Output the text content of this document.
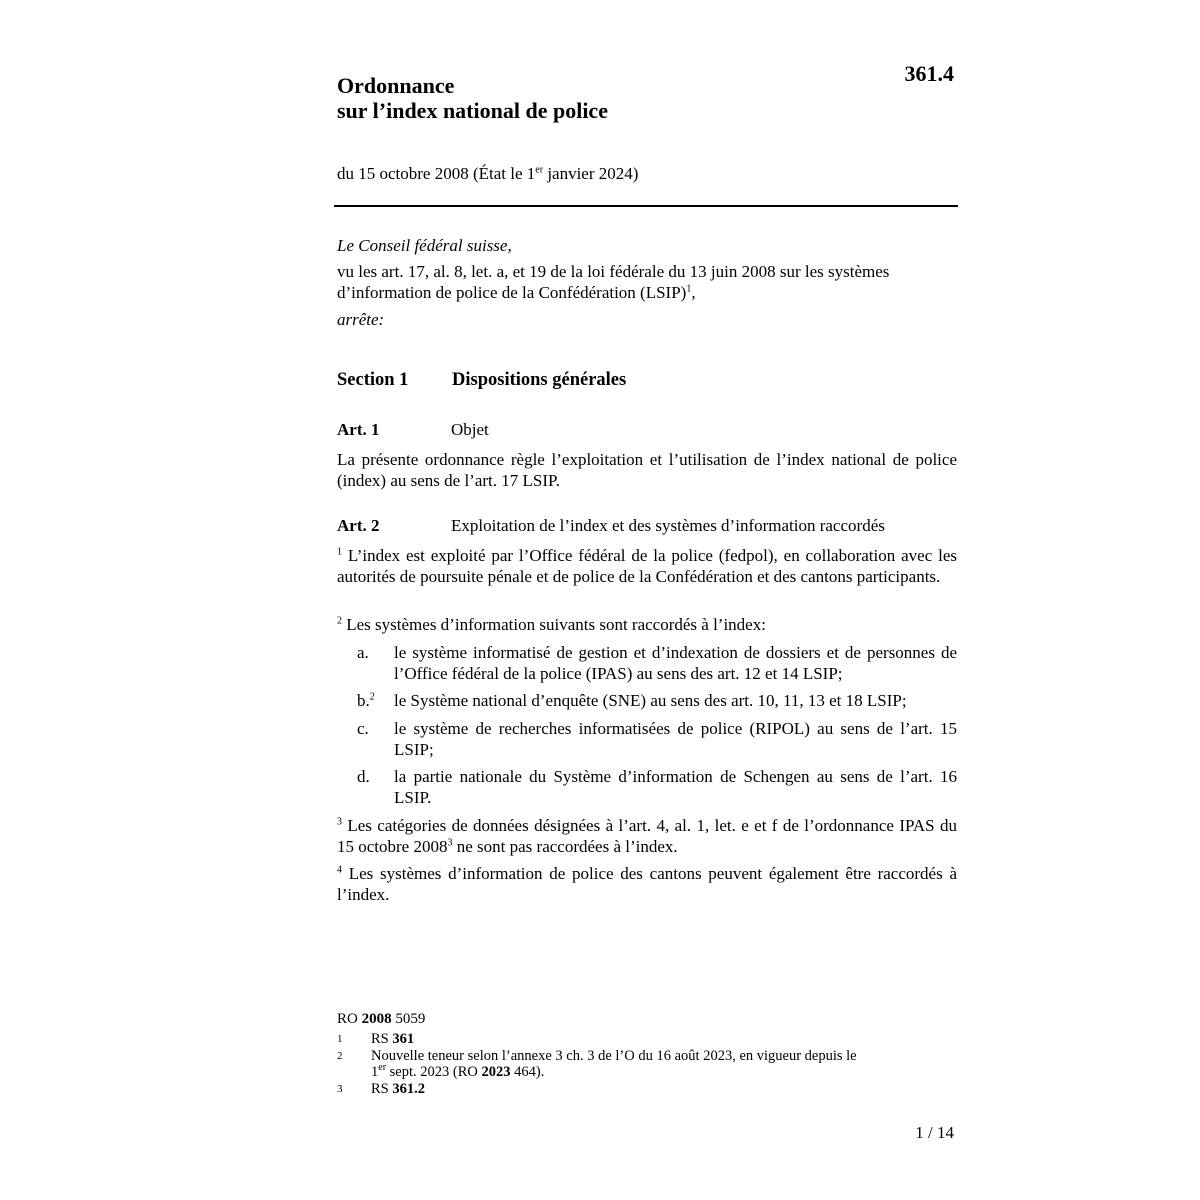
Ordonnance
sur l’index national de police
361.4
du 15 octobre 2008 (État le 1er janvier 2024)
Le Conseil fédéral suisse,
vu les art. 17, al. 8, let. a, et 19 de la loi fédérale du 13 juin 2008 sur les systèmes
d’information de police de la Confédération (LSIP)$^1$,
arrête:
Section 1 Dispositions générales
Art. 1	Objet
La présente ordonnance règle l’exploitation et l’utilisation de l’index national de police (index) au sens de l’art. 17 LSIP.
Art. 2	Exploitation de l’index et des systèmes d’information raccordés
$^1$ L’index est exploité par l’Office fédéral de la police (fedpol), en collaboration avec les autorités de poursuite pénale et de police de la Confédération et des cantons participants.
$^2$ Les systèmes d’information suivants sont raccordés à l’index:
a.	le système informatisé de gestion et d’indexation de dossiers et de personnes de l’Office fédéral de la police (IPAS) au sens des art. 12 et 14 LSIP;
b.$^2$	le Système national d’enquête (SNE) au sens des art. 10, 11, 13 et 18 LSIP;
c.	le système de recherches informatisées de police (RIPOL) au sens de l’art. 15 LSIP;
d.	la partie nationale du Système d’information de Schengen au sens de l’art. 16 LSIP.
$^3$ Les catégories de données désignées à l’art. 4, al. 1, let. e et f de l’ordonnance IPAS du 15 octobre 2008$^3$ ne sont pas raccordées à l’index.
$^4$ Les systèmes d’information de police des cantons peuvent également être raccordés à l’index.
RO 2008 5059
1 RS 361
2 Nouvelle teneur selon l’annexe 3 ch. 3 de l’O du 16 août 2023, en vigueur depuis le
1er sept. 2023 (RO 2023 464).
3 RS 361.2
1 / 14
